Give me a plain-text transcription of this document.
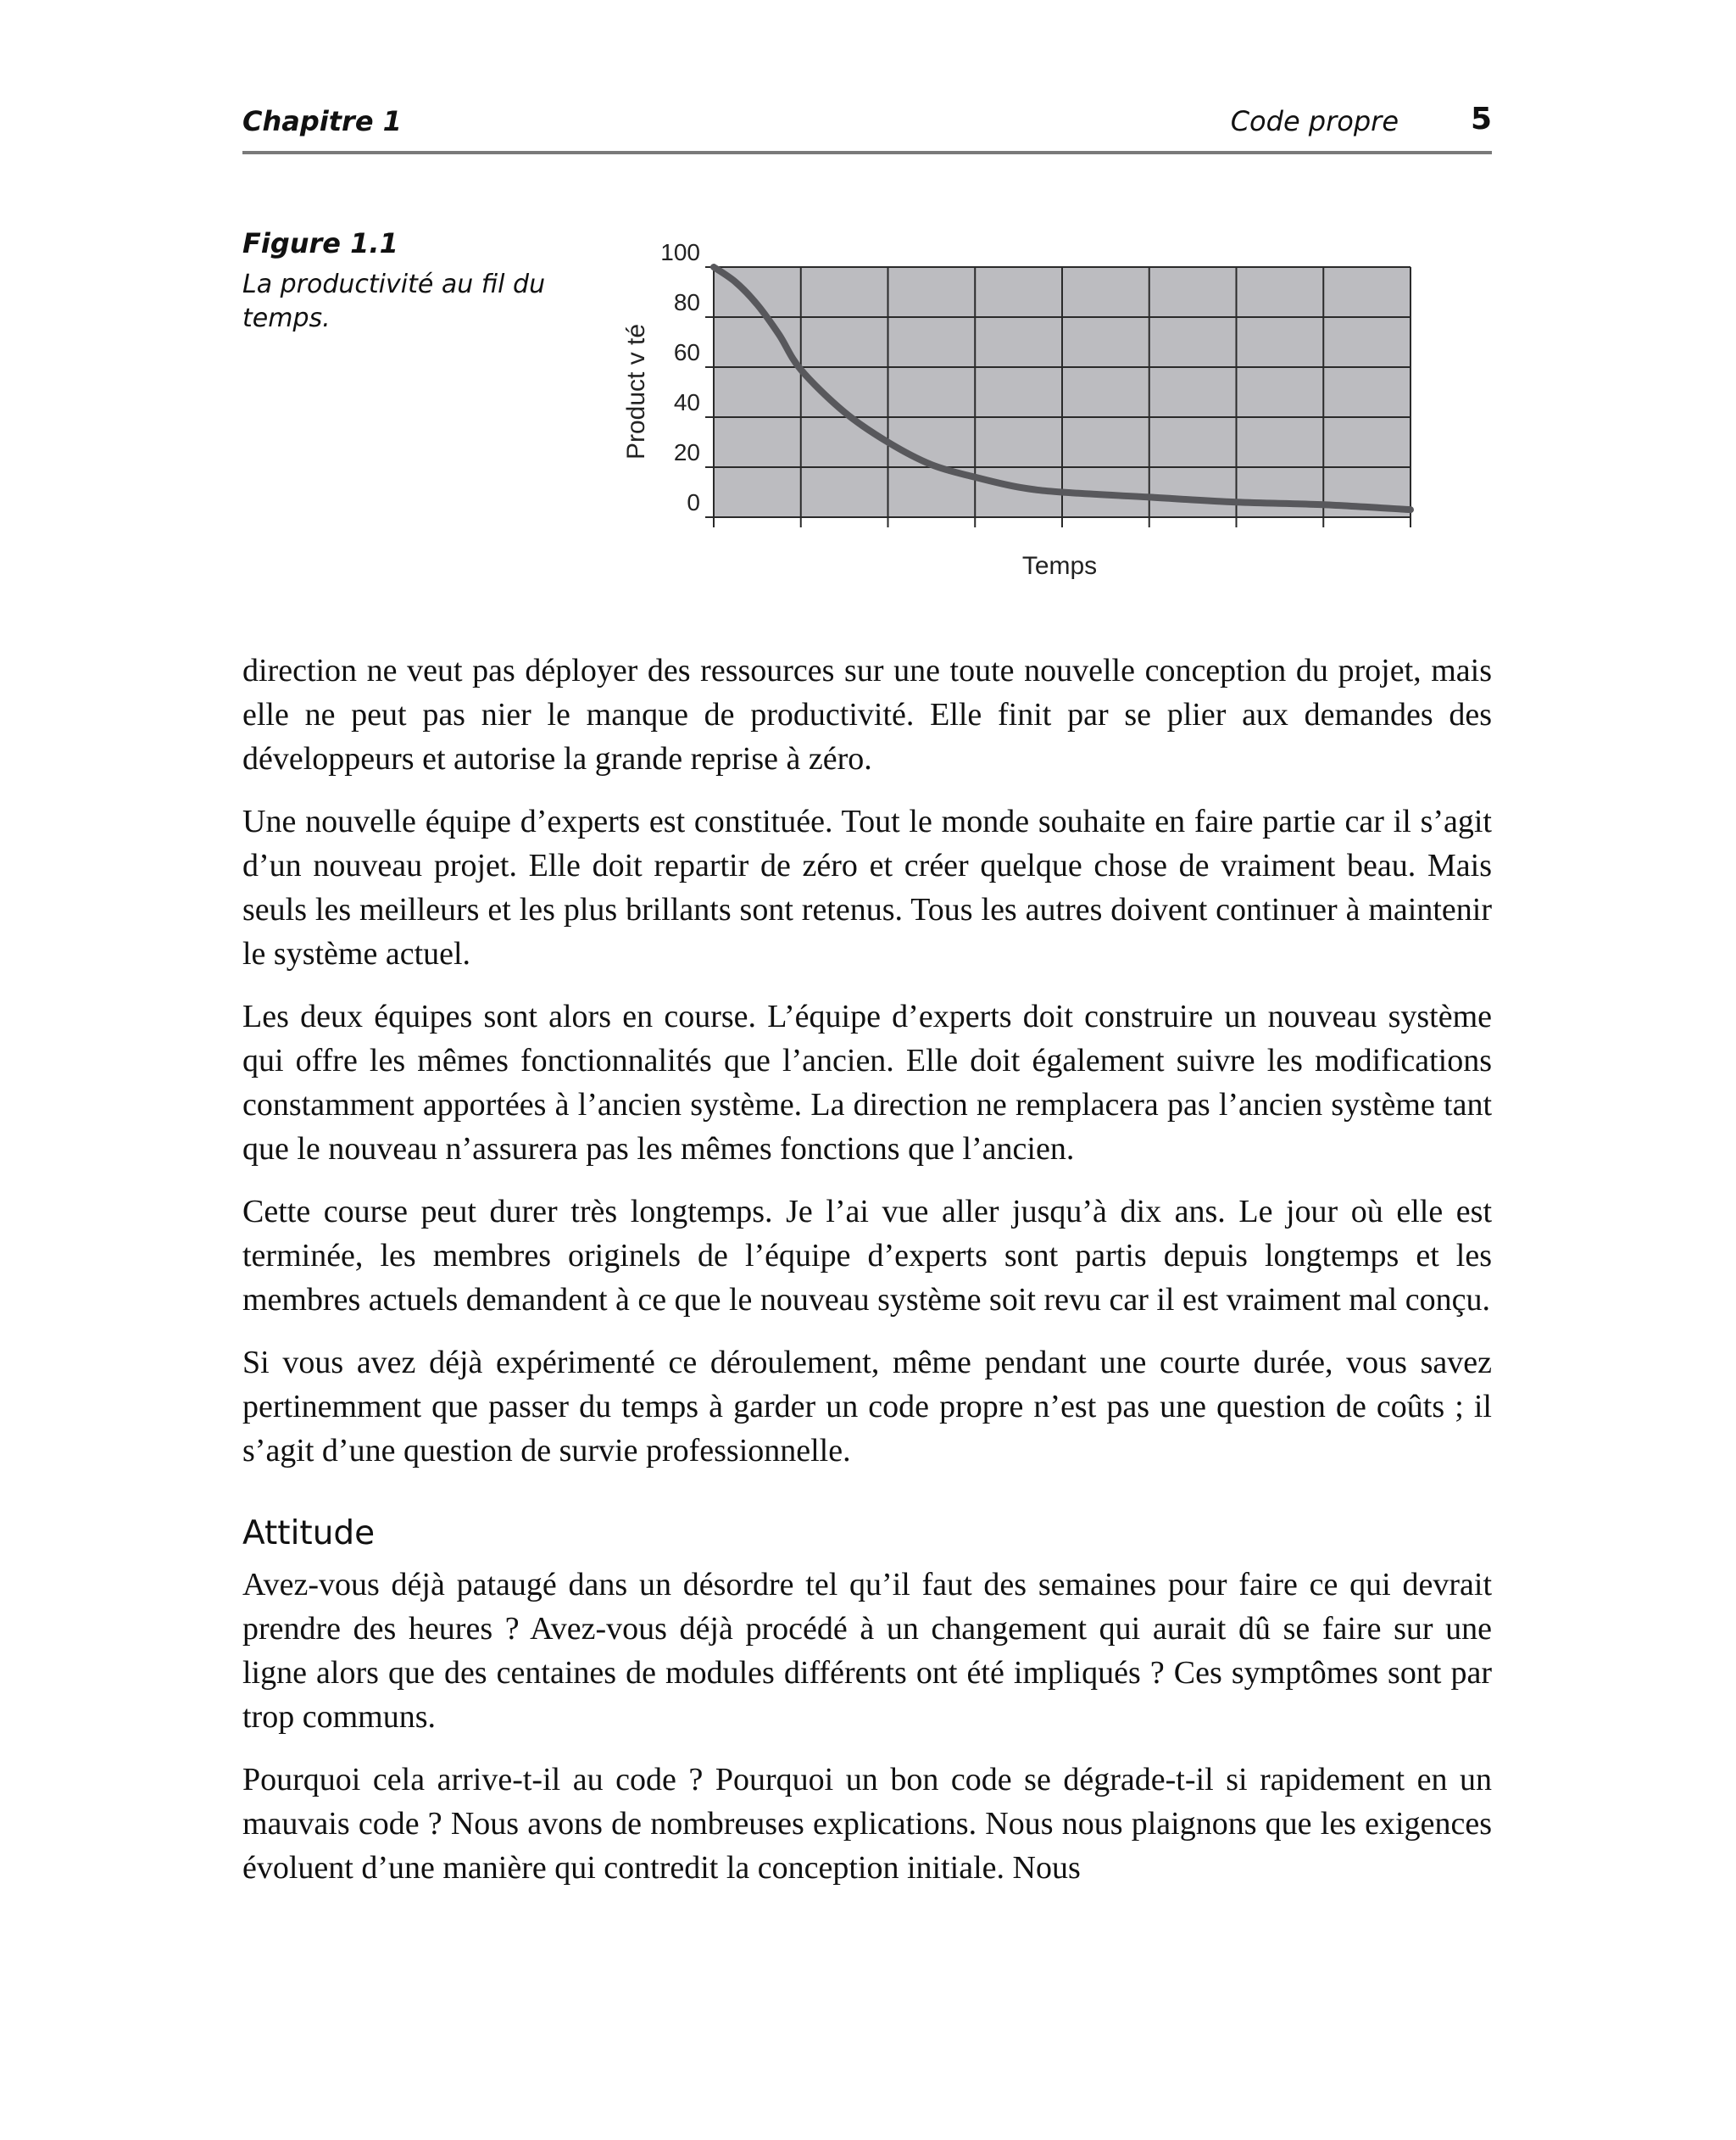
Chapitre 1	Code propre 5
Figure 1.1
La productivité au fil du temps.
0
20
40
60
80
100
Temps
Product v té

direction ne veut pas déployer des ressources sur une toute nouvelle conception du projet, mais elle ne peut pas nier le manque de productivité. Elle finit par se plier aux demandes des développeurs et autorise la grande reprise à zéro.

Une nouvelle équipe d’experts est constituée. Tout le monde souhaite en faire partie car il s’agit d’un nouveau projet. Elle doit repartir de zéro et créer quelque chose de vraiment beau. Mais seuls les meilleurs et les plus brillants sont retenus. Tous les autres doivent continuer à maintenir le système actuel.

Les deux équipes sont alors en course. L’équipe d’experts doit construire un nouveau système qui offre les mêmes fonctionnalités que l’ancien. Elle doit également suivre les modifications constamment apportées à l’ancien système. La direction ne remplacera pas l’ancien système tant que le nouveau n’assurera pas les mêmes fonctions que l’ancien.

Cette course peut durer très longtemps. Je l’ai vue aller jusqu’à dix ans. Le jour où elle est terminée, les membres originels de l’équipe d’experts sont partis depuis longtemps et les membres actuels demandent à ce que le nouveau système soit revu car il est vraiment mal conçu.

Si vous avez déjà expérimenté ce déroulement, même pendant une courte durée, vous savez pertinemment que passer du temps à garder un code propre n’est pas une question de coûts ; il s’agit d’une question de survie professionnelle.

Attitude

Avez-vous déjà pataugé dans un désordre tel qu’il faut des semaines pour faire ce qui devrait prendre des heures ? Avez-vous déjà procédé à un changement qui aurait dû se faire sur une ligne alors que des centaines de modules différents ont été impliqués ? Ces symptômes sont par trop communs.

Pourquoi cela arrive-t-il au code ? Pourquoi un bon code se dégrade-t-il si rapidement en un mauvais code ? Nous avons de nombreuses explications. Nous nous plaignons que les exigences évoluent d’une manière qui contredit la conception initiale. Nous
